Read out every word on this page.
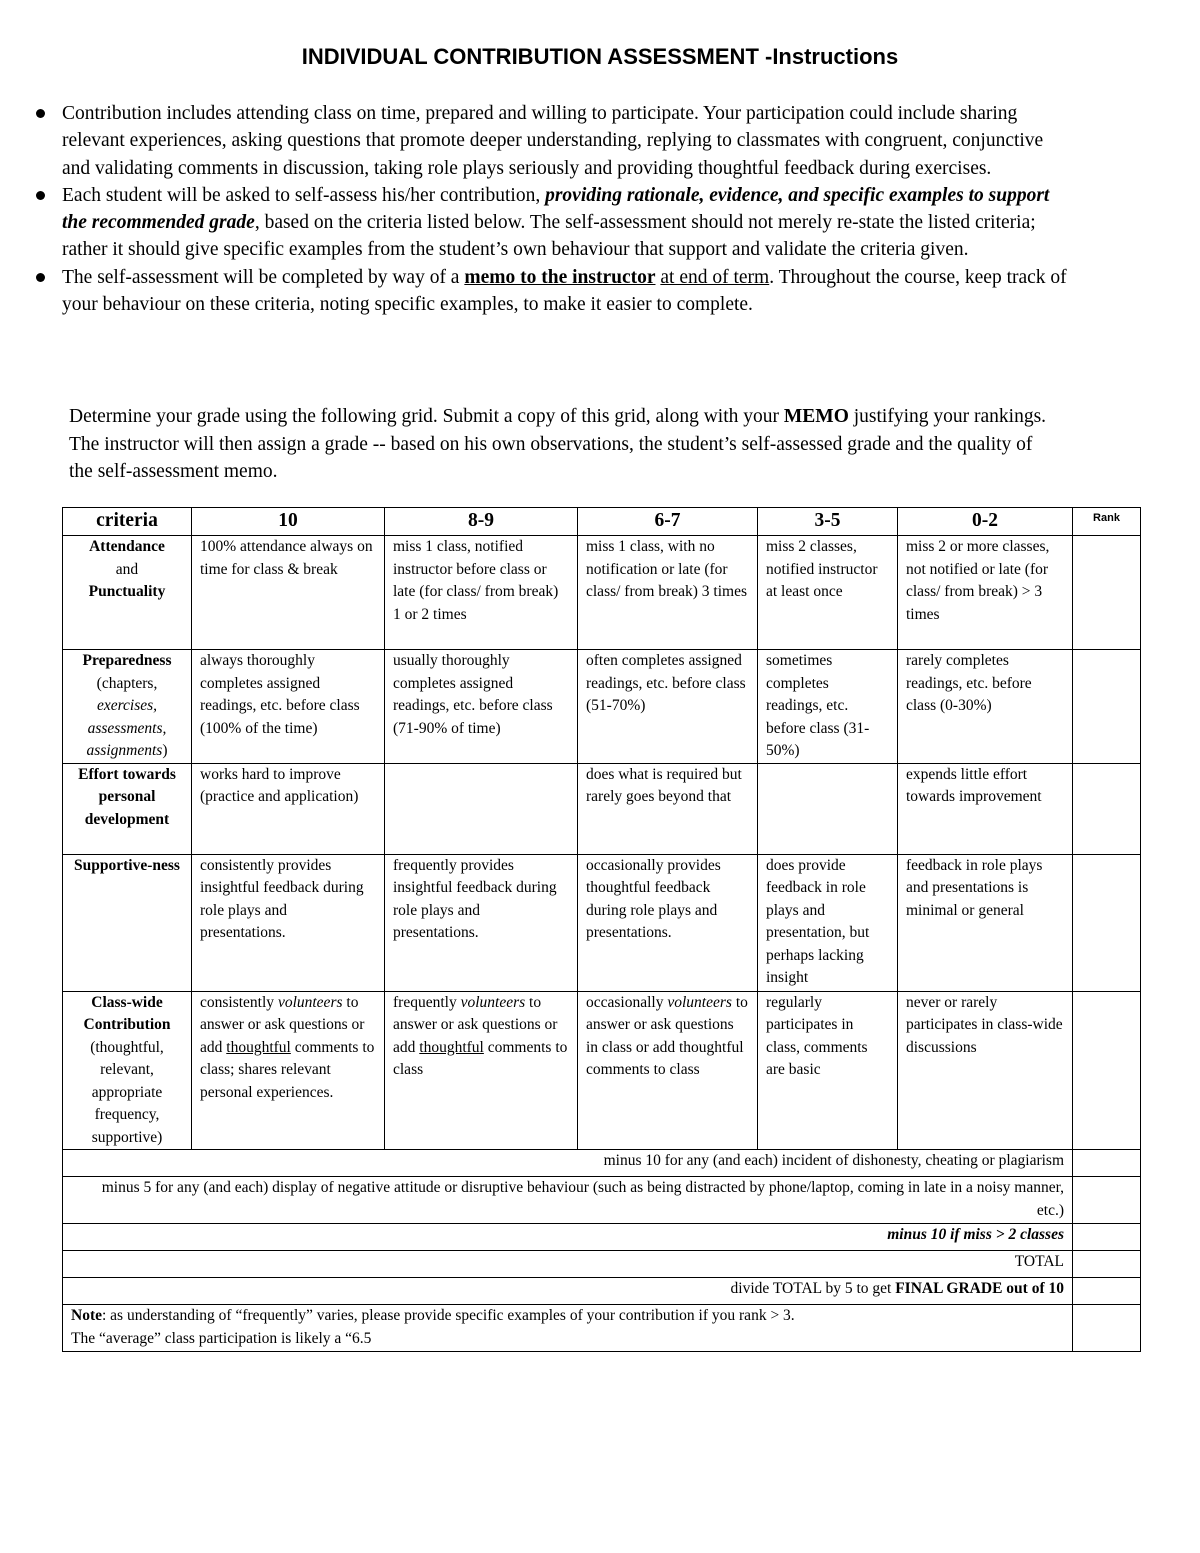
INDIVIDUAL CONTRIBUTION ASSESSMENT -Instructions
Contribution includes attending class on time, prepared and willing to participate. Your participation could include sharing relevant experiences, asking questions that promote deeper understanding, replying to classmates with congruent, conjunctive and validating comments in discussion, taking role plays seriously and providing thoughtful feedback during exercises.
Each student will be asked to self-assess his/her contribution, providing rationale, evidence, and specific examples to support the recommended grade, based on the criteria listed below. The self-assessment should not merely re-state the listed criteria; rather it should give specific examples from the student’s own behaviour that support and validate the criteria given.
The self-assessment will be completed by way of a memo to the instructor at end of term. Throughout the course, keep track of your behaviour on these criteria, noting specific examples, to make it easier to complete.
Determine your grade using the following grid. Submit a copy of this grid, along with your MEMO justifying your rankings. The instructor will then assign a grade -- based on his own observations, the student’s self-assessed grade and the quality of the self-assessment memo.
criteria	10	8-9	6-7	3-5	0-2	Rank
Attendance
and
Punctuality	100% attendance always on time for class & break	miss 1 class, notified instructor before class or late (for class/ from break) 1 or 2 times	miss 1 class, with no notification or late (for class/ from break) 3 times	miss 2 classes, notified instructor at least once	miss 2 or more classes, not notified or late (for class/ from break) > 3 times	
Preparedness
(chapters,
exercises,
assessments,
assignments)	always thoroughly completes assigned readings, etc. before class (100% of the time)	usually thoroughly completes assigned readings, etc. before class (71-90% of time)	often completes assigned readings, etc. before class (51-70%)	sometimes completes readings, etc. before class (31-50%)	rarely completes readings, etc. before class (0-30%)	
Effort towards personal development	works hard to improve (practice and application)		does what is required but rarely goes beyond that		expends little effort towards improvement	
Supportive-ness	consistently provides insightful feedback during role plays and presentations.	frequently provides insightful feedback during role plays and presentations.	occasionally provides thoughtful feedback during role plays and presentations.	does provide feedback in role plays and presentation, but perhaps lacking insight	feedback in role plays and presentations is minimal or general	
Class-wide Contribution
(thoughtful, relevant, appropriate frequency, supportive)	consistently volunteers to answer or ask questions or add thoughtful comments to class; shares relevant personal experiences.	frequently volunteers to answer or ask questions or add thoughtful comments to class	occasionally volunteers to answer or ask questions in class or add thoughtful comments to class	regularly participates in class, comments are basic	never or rarely participates in class-wide discussions	
minus 10 for any (and each) incident of dishonesty, cheating or plagiarism						
minus 5 for any (and each) display of negative attitude or disruptive behaviour (such as being distracted by phone/laptop, coming in late in a noisy manner, etc.)						
minus 10 if miss > 2 classes						
TOTAL						
divide TOTAL by 5 to get FINAL GRADE out of 10						
Note: as understanding of “frequently” varies, please provide specific examples of your contribution if you rank > 3.
The “average” class participation is likely a “6.5						
